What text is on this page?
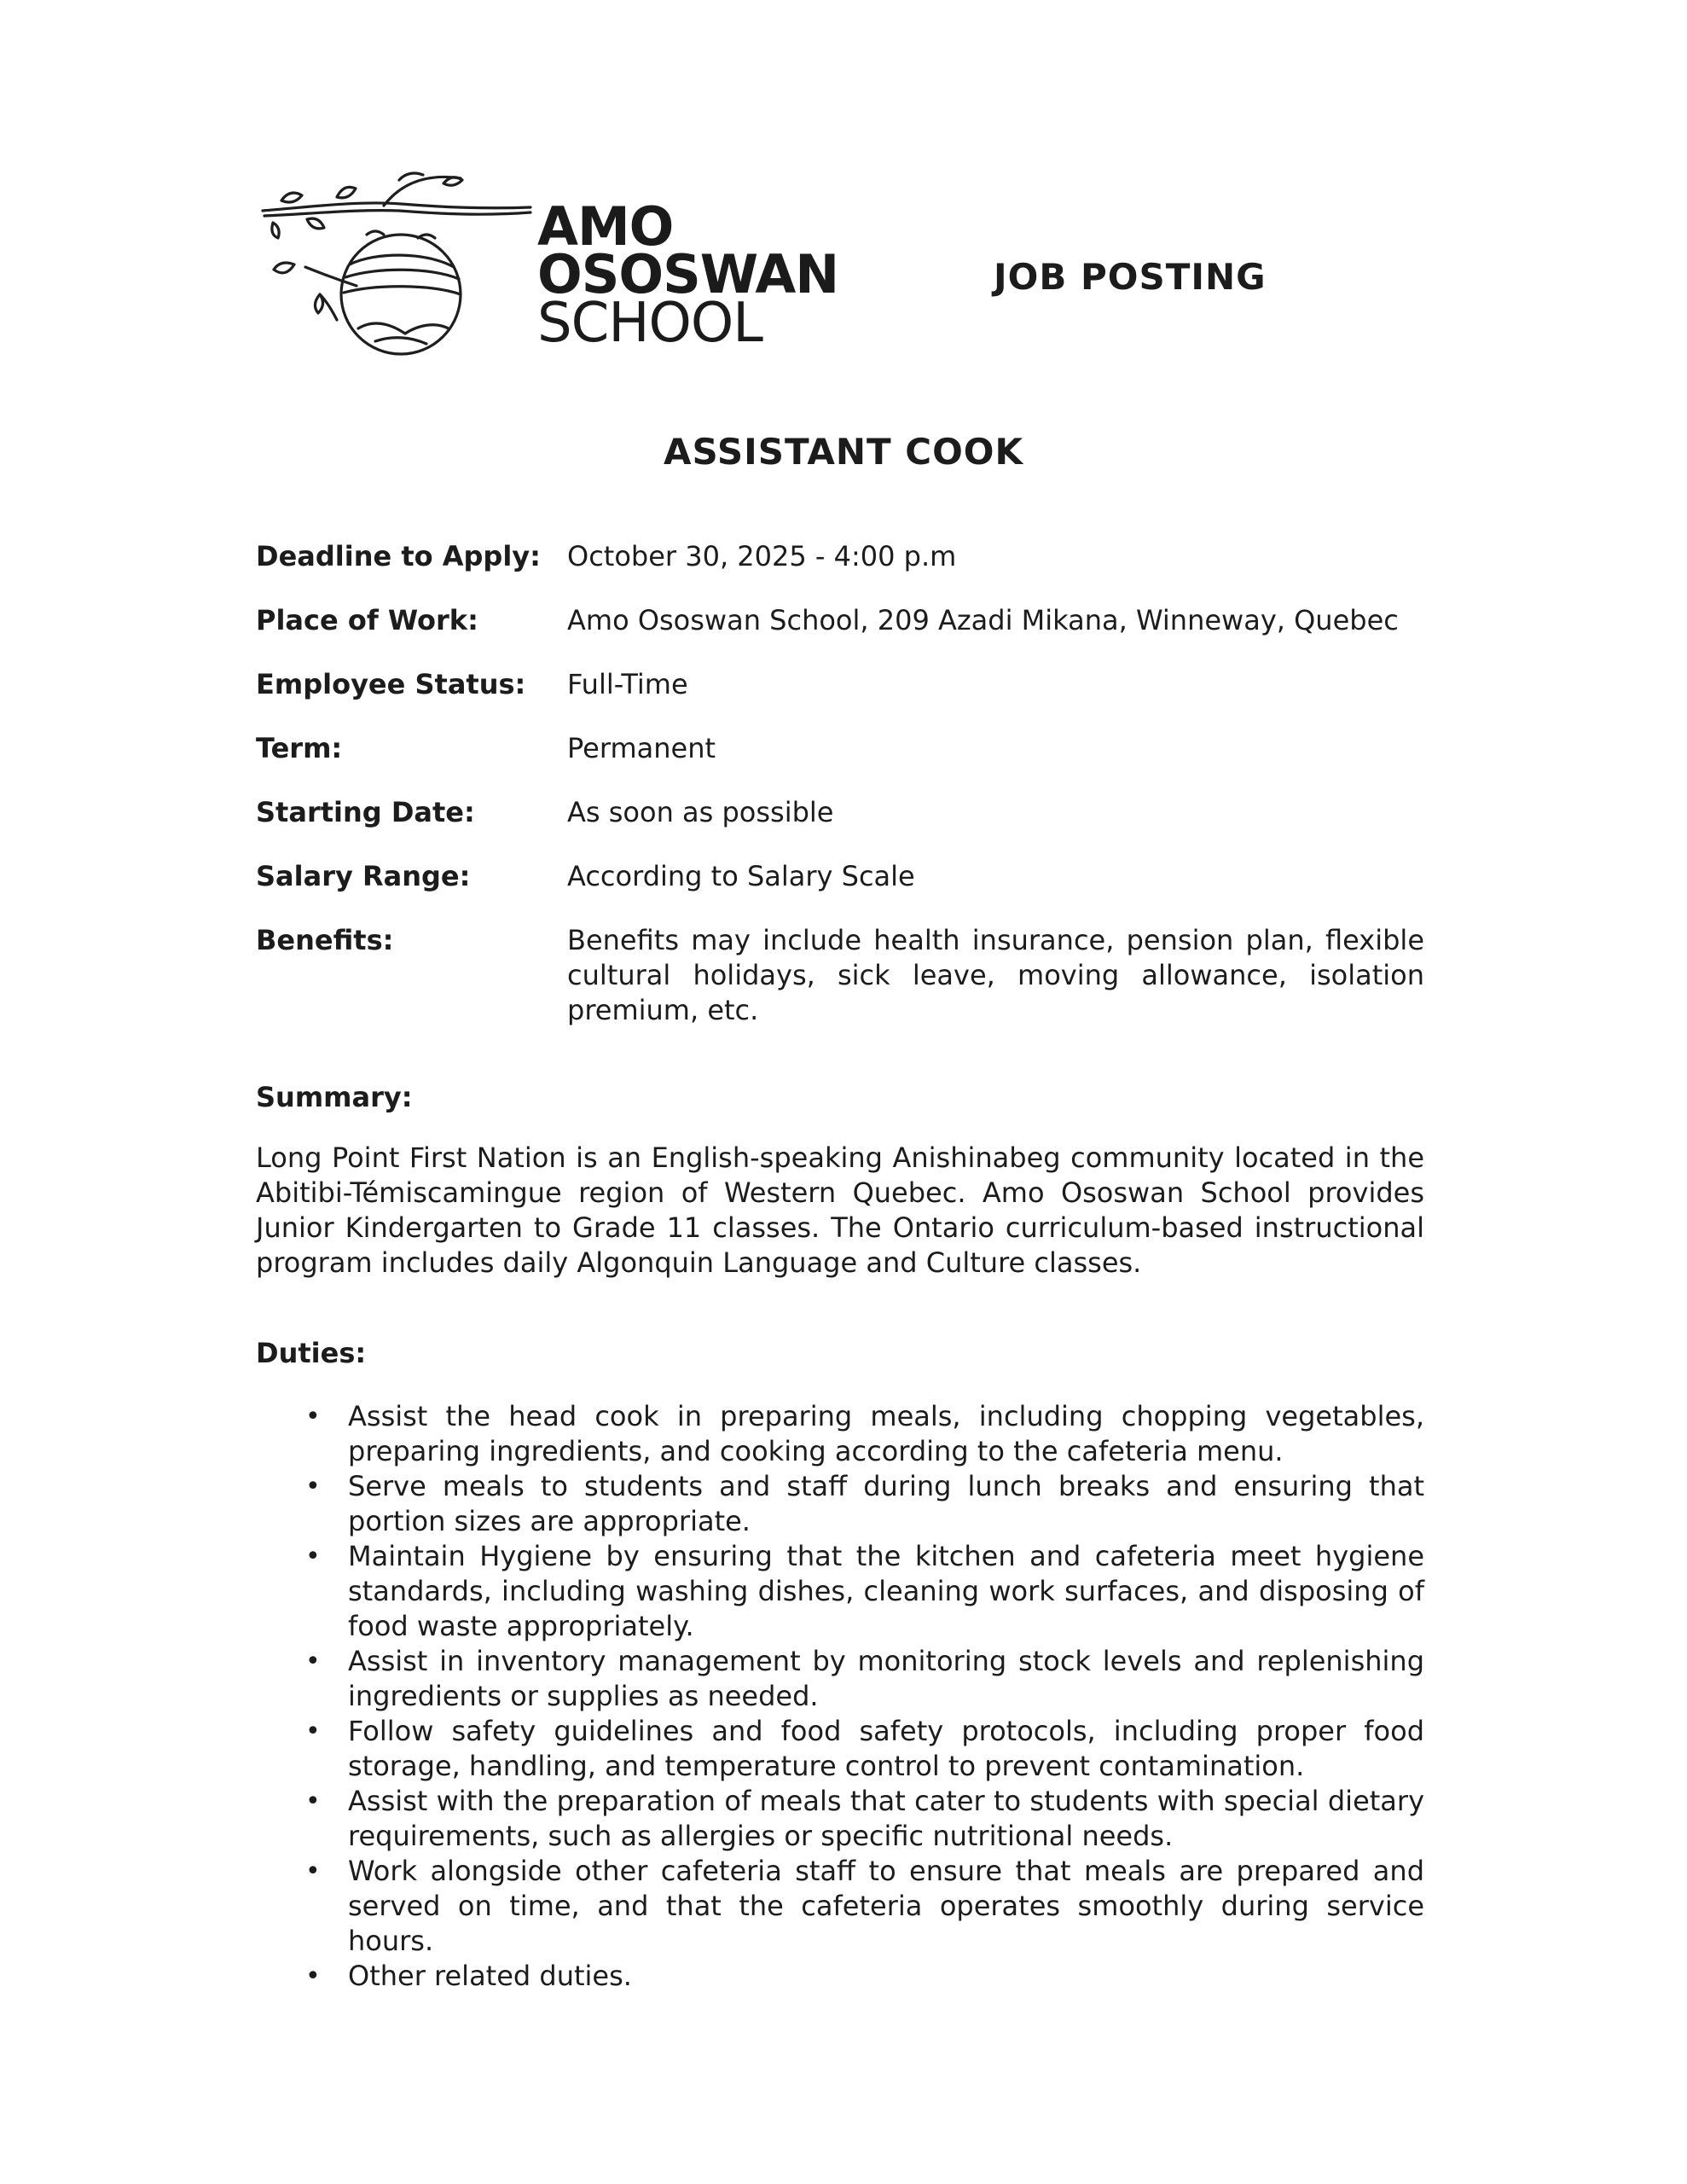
AMO
OSOSWAN
SCHOOL
JOB POSTING
ASSISTANT COOK
Deadline to Apply: October 30, 2025 - 4:00 p.m
Place of Work:	Amo Ososwan School, 209 Azadi Mikana, Winneway, Quebec
Employee Status:	Full-Time
Term:	Permanent
Starting Date:	As soon as possible
Salary Range:	According to Salary Scale
Benefits:	Benefits may include health insurance, pension plan, flexible cultural holidays, sick leave, moving allowance, isolation premium, etc.
Summary:
Long Point First Nation is an English-speaking Anishinabeg community located in the Abitibi-Témiscamingue region of Western Quebec. Amo Ososwan School provides Junior Kindergarten to Grade 11 classes. The Ontario curriculum-based instructional program includes daily Algonquin Language and Culture classes.
Duties:
• Assist the head cook in preparing meals, including chopping vegetables, preparing ingredients, and cooking according to the cafeteria menu.
• Serve meals to students and staff during lunch breaks and ensuring that portion sizes are appropriate.
• Maintain Hygiene by ensuring that the kitchen and cafeteria meet hygiene standards, including washing dishes, cleaning work surfaces, and disposing of food waste appropriately.
• Assist in inventory management by monitoring stock levels and replenishing ingredients or supplies as needed.
• Follow safety guidelines and food safety protocols, including proper food storage, handling, and temperature control to prevent contamination.
• Assist with the preparation of meals that cater to students with special dietary requirements, such as allergies or specific nutritional needs.
• Work alongside other cafeteria staff to ensure that meals are prepared and served on time, and that the cafeteria operates smoothly during service hours.
• Other related duties.
